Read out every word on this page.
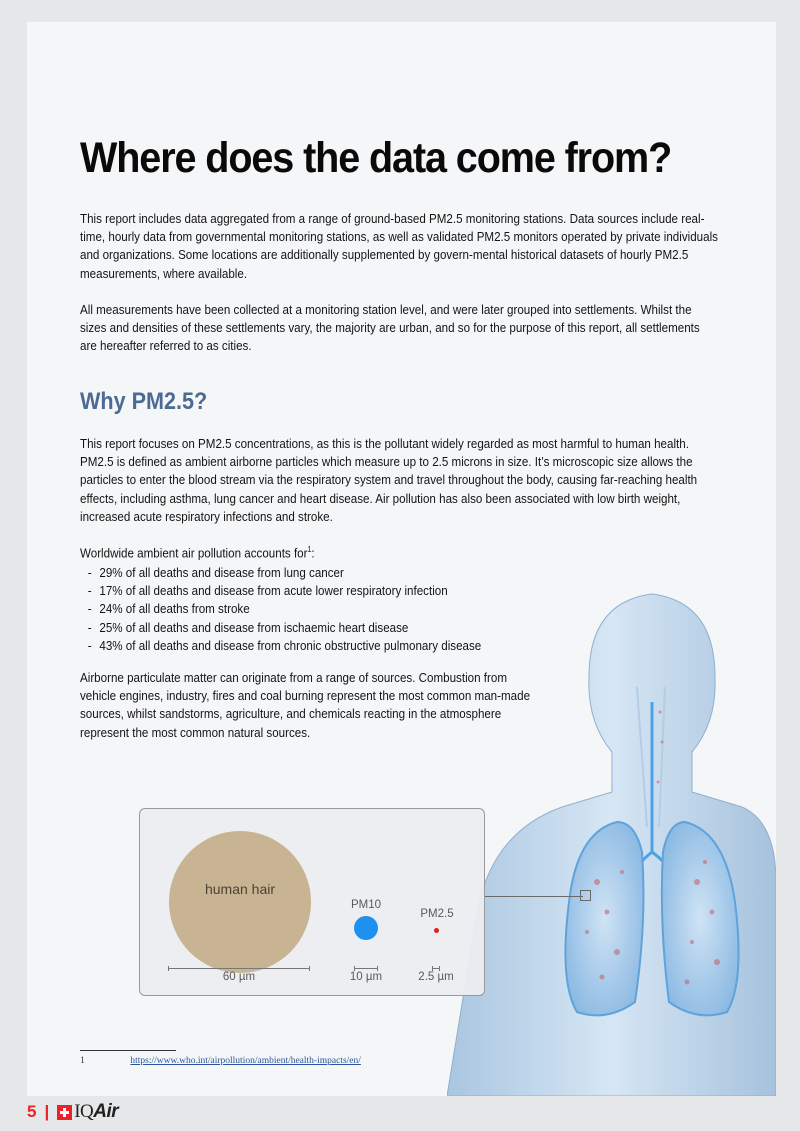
Where does the data come from?

This report includes data aggregated from a range of ground-based PM2.5 monitoring stations. Data sources include real-time, hourly data from governmental monitoring stations, as well as validated PM2.5 monitors operated by private individuals and organizations. Some locations are additionally supplemented by govern-mental historical datasets of hourly PM2.5 measurements, where available.

All measurements have been collected at a monitoring station level, and were later grouped into settlements. Whilst the sizes and densities of these settlements vary, the majority are urban, and so for the purpose of this report, all settlements are hereafter referred to as cities.

Why PM2.5?

This report focuses on PM2.5 concentrations, as this is the pollutant widely regarded as most harmful to human health. PM2.5 is defined as ambient airborne particles which measure up to 2.5 microns in size. It’s microscopic size allows the particles to enter the blood stream via the respiratory system and travel throughout the body, causing far-reaching health effects, including asthma, lung cancer and heart disease. Air pollution has also been associated with low birth weight, increased acute respiratory infections and stroke.

Worldwide ambient air pollution accounts for$^1$:

- 29% of all deaths and disease from lung cancer
- 17% of all deaths and disease from acute lower respiratory infection
- 24% of all deaths from stroke
- 25% of all deaths and disease from ischaemic heart disease
- 43% of all deaths and disease from chronic obstructive pulmonary disease

Airborne particulate matter can originate from a range of sources. Combustion from vehicle engines, industry, fires and coal burning represent the most common man-made sources, whilst sandstorms, agriculture, and chemicals reacting in the atmosphere represent the most common natural sources.

human hair
PM10
PM2.5
60 µm	10 µm	2.5 µm
1	https://www.who.int/airpollution/ambient/health-impacts/en/
5 | IQAir
